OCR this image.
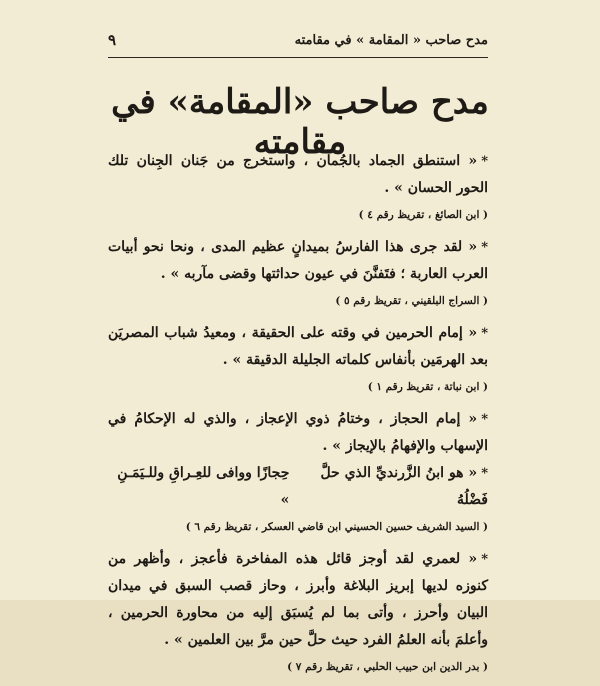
مدح صاحب « المقامة » في مقامته
٩
مدح صاحب «المقامة» في مقامته	*« استنطق الجماد بالجُمان ، واستخرج من جَنان الجِنان تلك الحور الحسان » .
( ابن الصائغ ، تقريظ رقم ٤ )
*« لقد جرى هذا الفارسُ بميدانٍ عظيم المدى ، ونحا نحو أبيات العرب العاربة ؛ فتَفنَّنَ في عيون حداثتها وقضى مآربه » .
( السراج البلقيني ، تقريظ رقم ٥ )
*« إمام الحرمين في وقته على الحقيقة ، ومعيدُ شباب المصريَن بعد الهرمَين بأنفاس كلماته الجليلة الدقيقة » .
( ابن نباتة ، تقريظ رقم ١ )
*« إمام الحجاز ، وختامُ ذوي الإعجاز ، والذي له الإحكامُ في الإسهاب والإفهامُ بالإيجاز » .
*« هو ابنُ الزَّرنديِّ الذي حلَّ فَضْلُهُ
حِجازًا ووافى للعِـراقِ وللـيَمَـنِ »
( السيد الشريف حسين الحسيني ابن قاضي العسكر ، تقريظ رقم ٦ )
*« لعمري لقد أوجز قائل هذه المفاخرة فأعجز ، وأظهر من كنوزه لديها إبريز البلاغة وأبرز ، وحاز قصب السبق في ميدان البيان وأحرز ، وأتى بما لم يُسبَق إليه من محاورة الحرمين ، وأعلمَ بأنه العلمُ الفرد حيث حلَّ حين مرَّ بين العلمين » .
( بدر الدين ابن حبيب الحلبي ، تقريظ رقم ٧ )
